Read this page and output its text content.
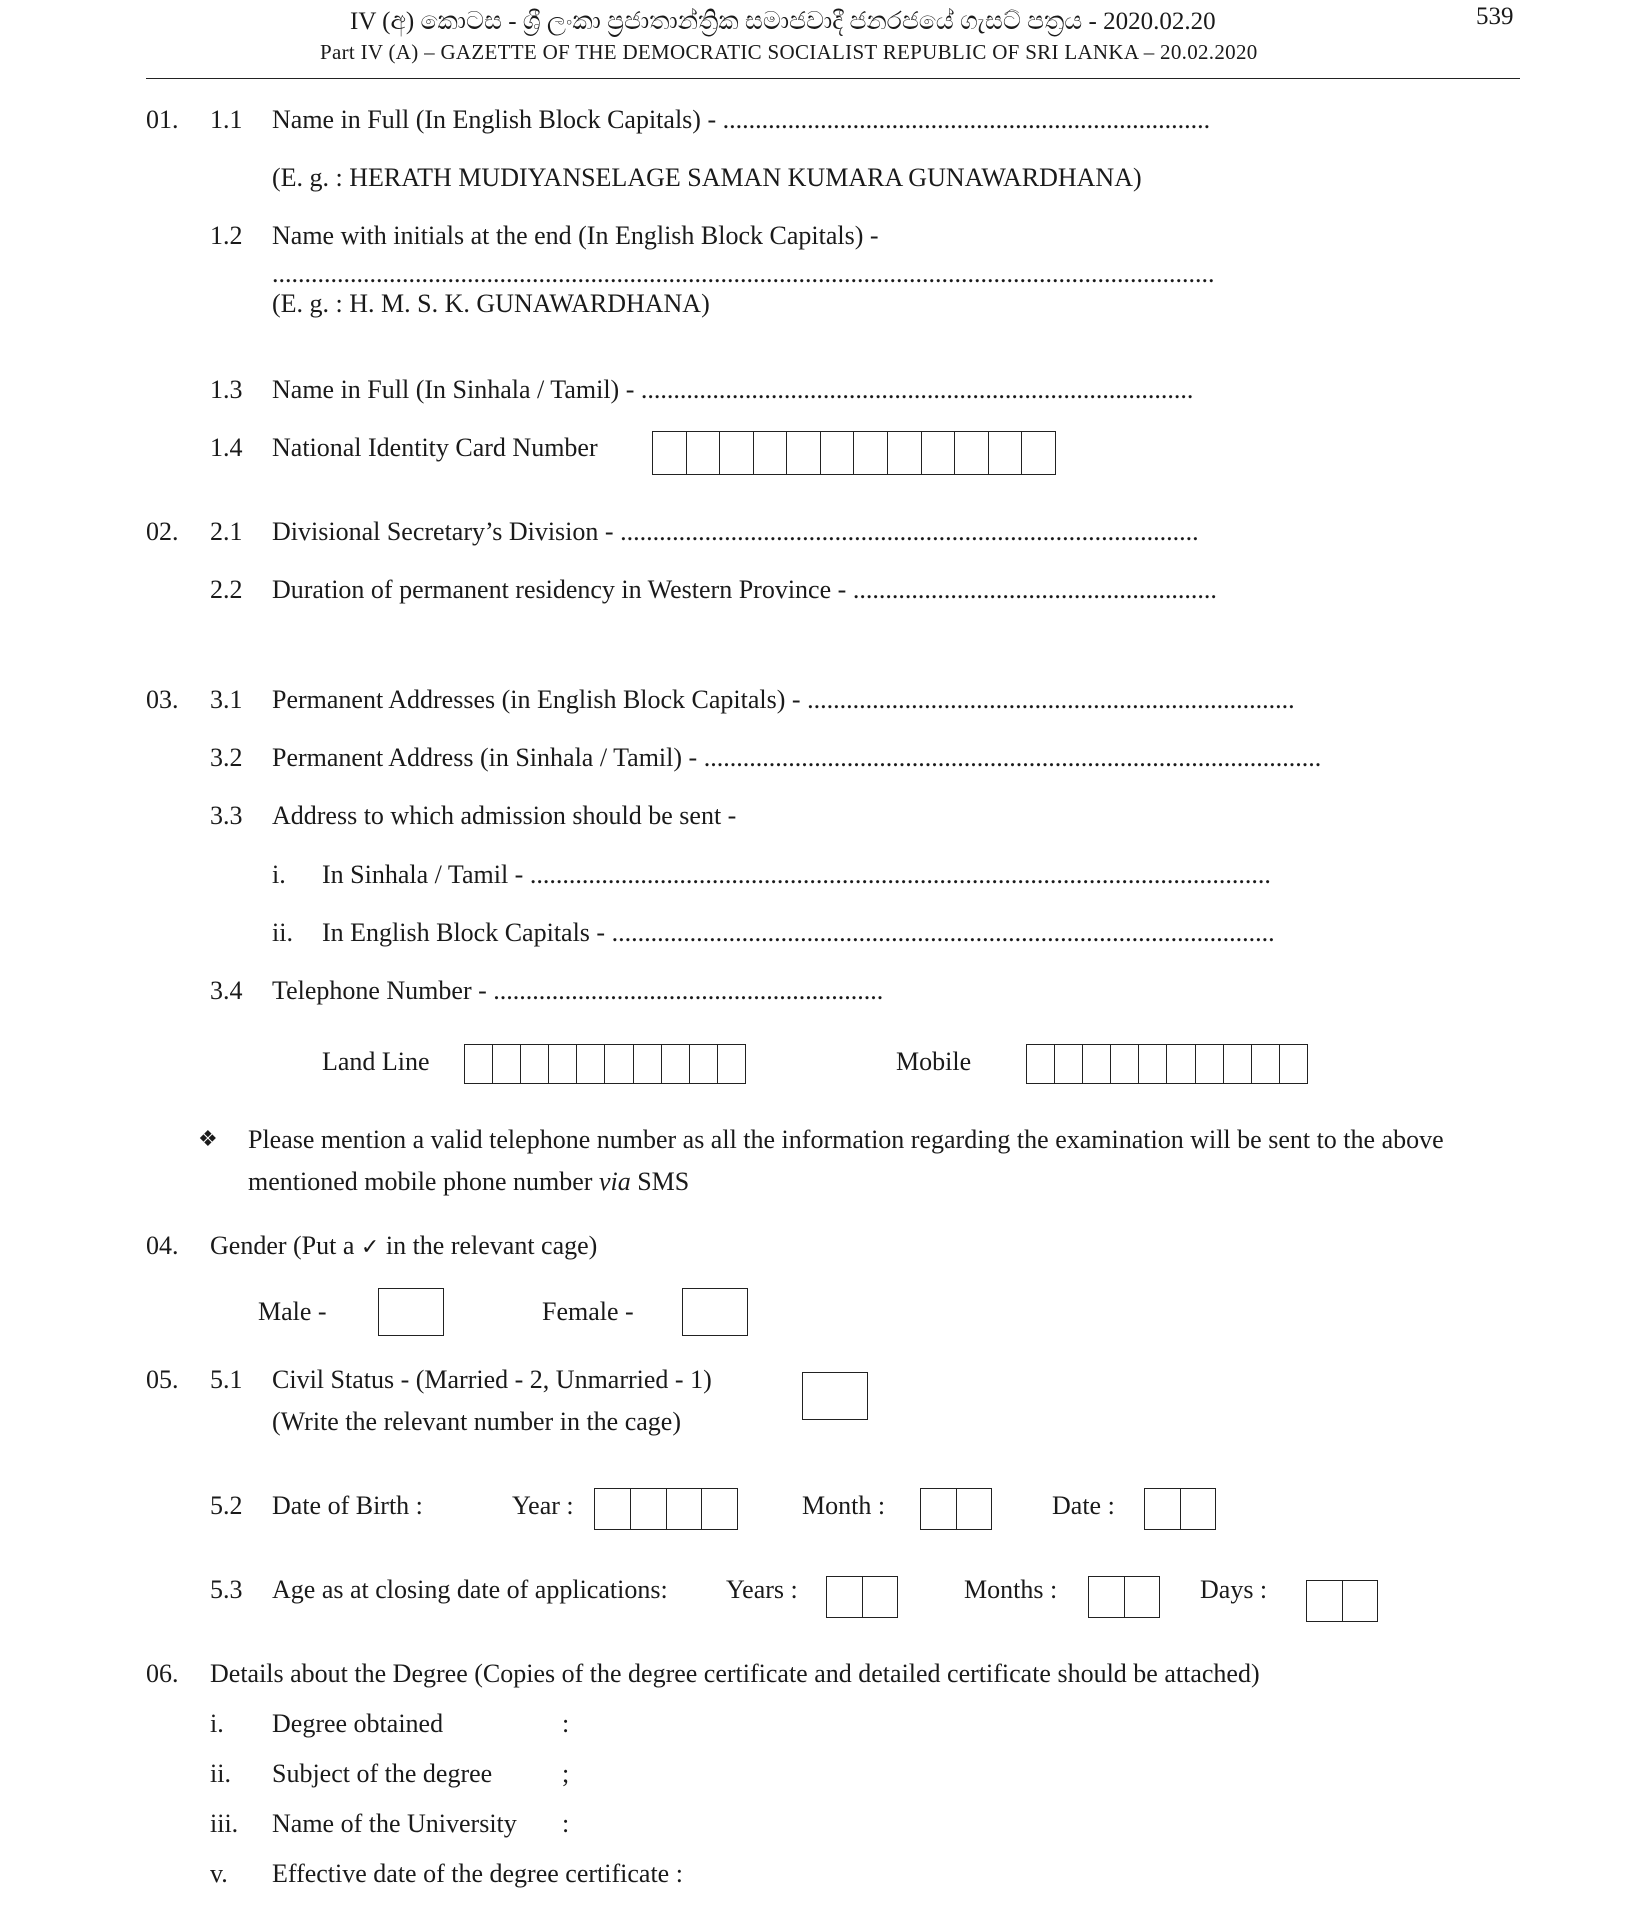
IV (අ) කොටස - ශ්‍රී ලංකා ප්‍රජාතාන්ත්‍රික සමාජවාදී ජනරජයේ ගැසට් පත්‍රය - 2020.02.20
Part IV (A) – GAZETTE OF THE DEMOCRATIC SOCIALIST REPUBLIC OF SRI LANKA – 20.02.2020
539
01. 1.1 Name in Full (In English Block Capitals) - ...........................................................................
(E. g. : HERATH MUDIYANSELAGE SAMAN KUMARA GUNAWARDHANA)
1.2 Name with initials at the end (In English Block Capitals) -
.................................................................................................................................................
(E. g. : H. M. S. K. GUNAWARDHANA)
1.3 Name in Full (In Sinhala / Tamil) - .....................................................................................
1.4 National Identity Card Number
02. 2.1 Divisional Secretary’s Division - .........................................................................................
2.2 Duration of permanent residency in Western Province - ........................................................
03. 3.1 Permanent Addresses (in English Block Capitals) - ...........................................................................
3.2 Permanent Address (in Sinhala / Tamil) - ...............................................................................................
3.3 Address to which admission should be sent -
i. In Sinhala / Tamil - ..................................................................................................................
ii. In English Block Capitals - ......................................................................................................
3.4 Telephone Number - ............................................................
Land Line	Mobile
❖ Please mention a valid telephone number as all the information regarding the examination will be sent to the above
mentioned mobile phone number via SMS
04. Gender (Put a ✓ in the relevant cage)
Male -	Female -
05. 5.1 Civil Status - (Married - 2, Unmarried - 1)
(Write the relevant number in the cage)
5.2 Date of Birth :	Year :	Month :	Date :
5.3 Age as at closing date of applications: Years :	Months :	Days :
06. Details about the Degree (Copies of the degree certificate and detailed certificate should be attached)
i. Degree obtained	:
ii. Subject of the degree	;
iii. Name of the University :
v. Effective date of the degree certificate :
